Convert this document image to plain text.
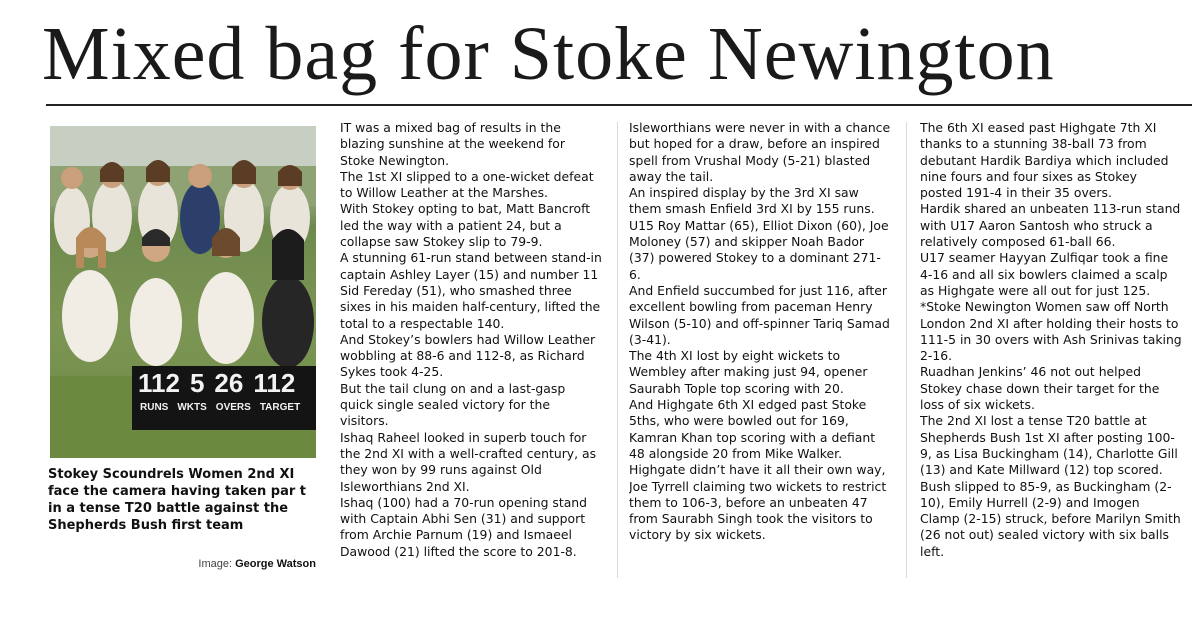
Mixed bag for Stoke Newington
112 5 26 112
RUNS WKTS OVERS TARGET
Stokey Scoundrels Women 2nd XI face the camera having taken par t in a tense T20 battle against the Shepherds Bush first team
Image: George Watson

IT was a mixed bag of results in the blazing sunshine at the weekend for Stoke Newington.

The 1st XI slipped to a one-wicket defeat to Willow Leather at the Marshes.

With Stokey opting to bat, Matt Bancroft led the way with a patient 24, but a collapse saw Stokey slip to 79-9.

A stunning 61-run stand between stand-in captain Ashley Layer (15) and number 11 Sid Fereday (51), who smashed three sixes in his maiden half-century, lifted the total to a respectable 140.

And Stokey’s bowlers had Willow Leather wobbling at 88-6 and 112-8, as Richard Sykes took 4-25.

But the tail clung on and a last-gasp quick single sealed victory for the visitors.

Ishaq Raheel looked in superb touch for the 2nd XI with a well-crafted century, as they won by 99 runs against Old Isleworthians 2nd XI.

Ishaq (100) had a 70-run opening stand with Captain Abhi Sen (31) and support from Archie Parnum (19) and Ismaeel Dawood (21) lifted the score to 201-8.

Isleworthians were never in with a chance but hoped for a draw, before an inspired spell from Vrushal Mody (5-21) blasted away the tail.

An inspired display by the 3rd XI saw them smash Enfield 3rd XI by 155 runs.

U15 Roy Mattar (65), Elliot Dixon (60), Joe Moloney (57) and skipper Noah Bador (37) powered Stokey to a dominant 271-6.

And Enfield succumbed for just 116, after excellent bowling from paceman Henry Wilson (5-10) and off-spinner Tariq Samad (3-41).

The 4th XI lost by eight wickets to Wembley after making just 94, opener Saurabh Tople top scoring with 20.

And Highgate 6th XI edged past Stoke 5ths, who were bowled out for 169, Kamran Khan top scoring with a defiant 48 alongside 20 from Mike Walker.

Highgate didn’t have it all their own way, Joe Tyrrell claiming two wickets to restrict them to 106-3, before an unbeaten 47 from Saurabh Singh took the visitors to victory by six wickets.

The 6th XI eased past Highgate 7th XI thanks to a stunning 38-ball 73 from debutant Hardik Bardiya which included nine fours and four sixes as Stokey posted 191-4 in their 35 overs.

Hardik shared an unbeaten 113-run stand with U17 Aaron Santosh who struck a relatively composed 61-ball 66.

U17 seamer Hayyan Zulfiqar took a fine 4-16 and all six bowlers claimed a scalp as Highgate were all out for just 125.

*Stoke Newington Women saw off North London 2nd XI after holding their hosts to 111-5 in 30 overs with Ash Srinivas taking 2-16.

Ruadhan Jenkins’ 46 not out helped Stokey chase down their target for the loss of six wickets.

The 2nd XI lost a tense T20 battle at Shepherds Bush 1st XI after posting 100-9, as Lisa Buckingham (14), Charlotte Gill (13) and Kate Millward (12) top scored.

Bush slipped to 85-9, as Buckingham (2-10), Emily Hurrell (2-9) and Imogen Clamp (2-15) struck, before Marilyn Smith (26 not out) sealed victory with six balls left.
